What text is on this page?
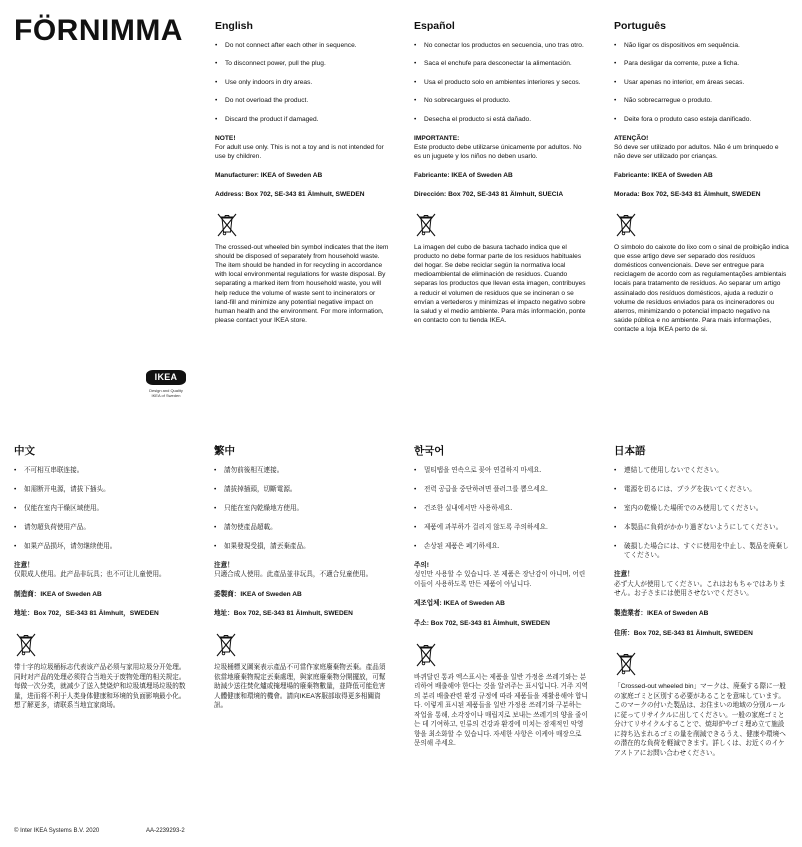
FÖRNIMMA	English
• Do not connect after each other in sequence.
• To disconnect power, pull the plug.
• Use only indoors in dry areas.
• Do not overload the product.
• Discard the product if damaged.
NOTE!
For adult use only. This is not a toy and is not intended for use by children.
Manufacturer: IKEA of Sweden AB
Address: Box 702, SE-343 81 Älmhult, SWEDEN
The crossed-out wheeled bin symbol indicates that the item should be disposed of separately from household waste. The item should be handed in for recycling in accordance with local environmental regulations for waste disposal. By separating a marked item from household waste, you will help reduce the volume of waste sent to incinerators or land-fill and minimize any potential negative impact on human health and the environment. For more information, please contact your IKEA store.
Español
• No conectar los productos en secuencia, uno tras otro.
• Saca el enchufe para desconectar la alimentación.
• Usa el producto solo en ambientes interiores y secos.
• No sobrecargues el producto.
• Desecha el producto si está dañado.
IMPORTANTE:
Este producto debe utilizarse únicamente por adultos. No es un juguete y los niños no deben usarlo.
Fabricante: IKEA of Sweden AB
Dirección: Box 702, SE-343 81 Älmhult, SUECIA
La imagen del cubo de basura tachado indica que el producto no debe formar parte de los residuos habituales del hogar. Se debe reciclar según la normativa local medioambiental de eliminación de residuos. Cuando separas los productos que llevan esta imagen, contribuyes a reducir el volumen de residuos que se incineran o se envían a vertederos y minimizas el impacto negativo sobre la salud y el medio ambiente. Para más información, ponte en contacto con tu tienda IKEA.
Português
• Não ligar os dispositivos em sequência.
• Para desligar da corrente, puxe a ficha.
• Usar apenas no interior, em áreas secas.
• Não sobrecarregue o produto.
• Deite fora o produto caso esteja danificado.
ATENÇÃO!
Só deve ser utilizado por adultos. Não é um brinquedo e não deve ser utilizado por crianças.
Fabricante: IKEA of Sweden AB
Morada: Box 702, SE-343 81 Älmhult, SWEDEN
O símbolo do caixote do lixo com o sinal de proibição indica que esse artigo deve ser separado dos resíduos domésticos convencionais. Deve ser entregue para reciclagem de acordo com as regulamentações ambientais locais para tratamento de resíduos. Ao separar um artigo assinalado dos resíduos domésticos, ajuda a reduzir o volume de resíduos enviados para os incineradores ou aterros, minimizando o potencial impacto negativo na saúde pública e no ambiente. Para mais informações, contacte a loja IKEA perto de si.
IKEA
Design and Quality
IKEA of Sweden
中文
• 不可相互串联连接。
• 如需断开电源，请拔下插头。
• 仅能在室内干燥区域使用。
• 请勿超负荷使用产品。
• 如果产品损坏，请勿继续使用。
注意！
仅限成人使用。此产品非玩具；也不可让儿童使用。
制造商：IKEA of Sweden AB
地址：Box 702，SE-343 81 Älmhult，SWEDEN
带十字的垃圾桶标志代表该产品必须与家用垃圾分开处理。同时对产品的处理必须符合当地关于废物处理的相关规定。每做一次分类，就减少了送入焚烧炉和垃圾填埋场垃圾的数量，进而将不利于人类身体健康和环境的负面影响最小化。想了解更多，请联系当地宜家商场。
繁中
• 請勿前後相互連接。
• 請拔掉插頭，切斷電源。
• 只能在室內乾燥地方使用。
• 請勿使產品超載。
• 如果發現受損，請丟棄產品。
注意！
只適合成人使用。此產品並非玩具，不適合兒童使用。
委製商：IKEA of Sweden AB
地址：Box 702, SE-343 81 Älmhult, SWEDEN
垃圾桶標叉圖案表示產品不可當作家庭廢棄物丟棄。產品須依當地廢棄物規定丟棄處理，與家庭廢棄物分開擺放，可幫助減少送往焚化爐或掩埋場的廢棄物數量，並降低可能危害人體健康和環境的機會。請向IKEA客服部取得更多相關資訊。
한국어
• 멀티탭을 연속으로 꽂아 연결하지 마세요.
• 전력 공급을 중단하려면 플러그를 뽑으세요.
• 건조한 실내에서만 사용하세요.
• 제품에 과부하가 걸리지 않도록 주의하세요.
• 손상된 제품은 폐기하세요.
주의!
성인만 사용할 수 있습니다. 본 제품은 장난감이 아니며, 어린이들이 사용하도록 만든 제품이 아닙니다.
제조업체: IKEA of Sweden AB
주소: Box 702, SE-343 81 Älmhult, SWEDEN
바퀴달린 통과 엑스표시는 제품을 일반 가정용 쓰레기와는 분리하여 배출해야 한다는 것을 알려주는 표시입니다. 거주 지역의 분리 배출관련 환경 규정에 따라 제품들을 재활용해야 합니다. 이렇게 표시된 제품들을 일반 가정용 쓰레기와 구분하는 작업을 통해, 소각장이나 매립지로 보내는 쓰레기의 양을 줄이는 데 기여하고, 인류의 건강과 환경에 미치는 잠재적인 악영향을 최소화할 수 있습니다. 자세한 사항은 이케아 매장으로 문의해 주세요.
日本語
• 連結して使用しないでください。
• 電源を切るには、プラグを抜いてください。
• 室内の乾燥した場所でのみ使用してください。
• 本製品に負荷がかかり過ぎないようにしてください。
• 破損した場合には、すぐに使用を中止し、製品を廃棄してください。
注意！
必ず大人が使用してください。これはおもちゃではありません。お子さまには使用させないでください。
製造業者：IKEA of Sweden AB
住所：Box 702, SE-343 81 Älmhult, SWEDEN
「Crossed-out wheeled bin」マークは、廃棄する際に一般の家庭ゴミと区別する必要があることを意味しています。このマークの付いた製品は、お住まいの地域の分別ルールに従ってリサイクルに出してください。一般の家庭ゴミと分けてリサイクルすることで、焼却炉やゴミ埋め立て施設に持ち込まれるゴミの量を削減できるうえ、健康や環境への潜在的な負荷を軽減できます。詳しくは、お近くのイケアストアにお問い合わせください。
© Inter IKEA Systems B.V. 2020	AA-2239293-2
